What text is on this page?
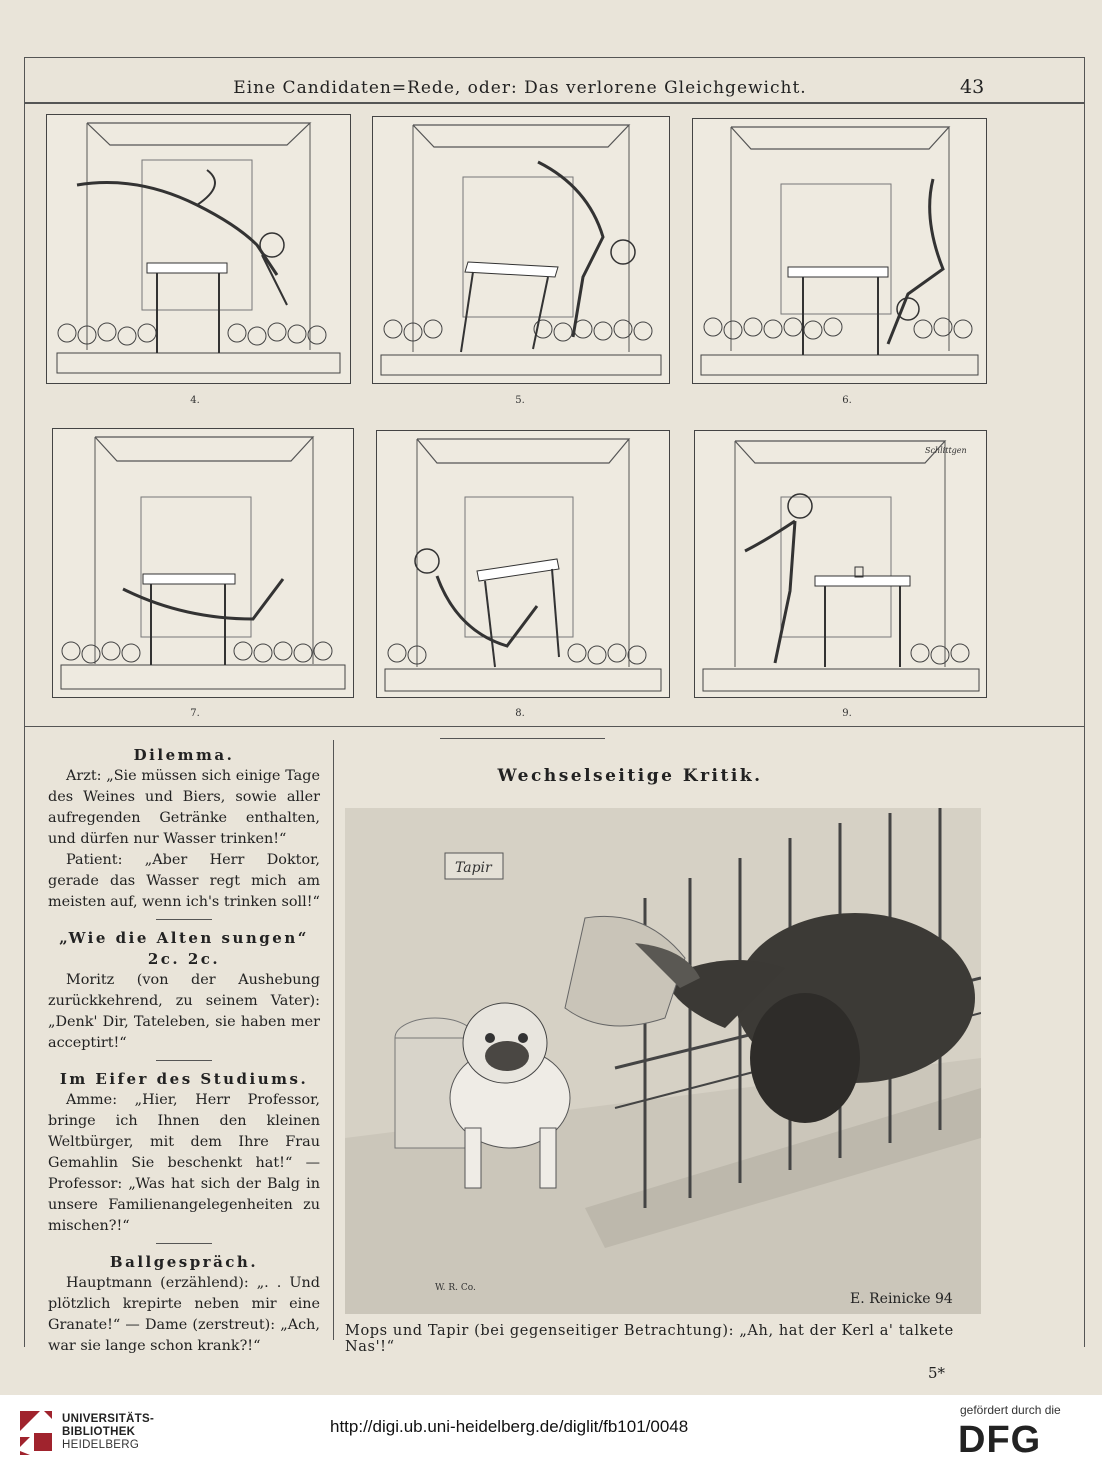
Eine Candidaten=Rede, oder: Das verlorene Gleichgewicht.	43
4.	5.	6.
Schlittgen
7.	8.	9.
Dilemma.

Arzt: „Sie müssen sich einige Tage des Weines und Biers, sowie aller aufregenden Getränke enthalten, und dürfen nur Wasser trinken!“

Patient: „Aber Herr Doktor, gerade das Wasser regt mich am meisten auf, wenn ich's trinken soll!“

„Wie die Alten sungen“ 2c. 2c.

Moritz (von der Aushebung zurückkehrend, zu seinem Vater): „Denk' Dir, Tateleben, sie haben mer acceptirt!“

Im Eifer des Studiums.

Amme: „Hier, Herr Professor, bringe ich Ihnen den kleinen Weltbürger, mit dem Ihre Frau Gemahlin Sie beschenkt hat!“ — Professor: „Was hat sich der Balg in unsere Familienangelegenheiten zu mischen?!“

Ballgespräch.

Hauptmann (erzählend): „. . Und plötzlich krepirte neben mir eine Granate!“ — Dame (zerstreut): „Ach, war sie lange schon krank?!“

Wechselseitige Kritik.
Tapir
W. R. Co.
E. Reinicke 94
Mops und Tapir (bei gegenseitiger Betrachtung): „Ah, hat der Kerl a' talkete Nas'!“
5*
UNIVERSITÄTS-
BIBLIOTHEK
HEIDELBERG
http://digi.ub.uni-heidelberg.de/diglit/fb101/0048
gefördert durch die
DFG
